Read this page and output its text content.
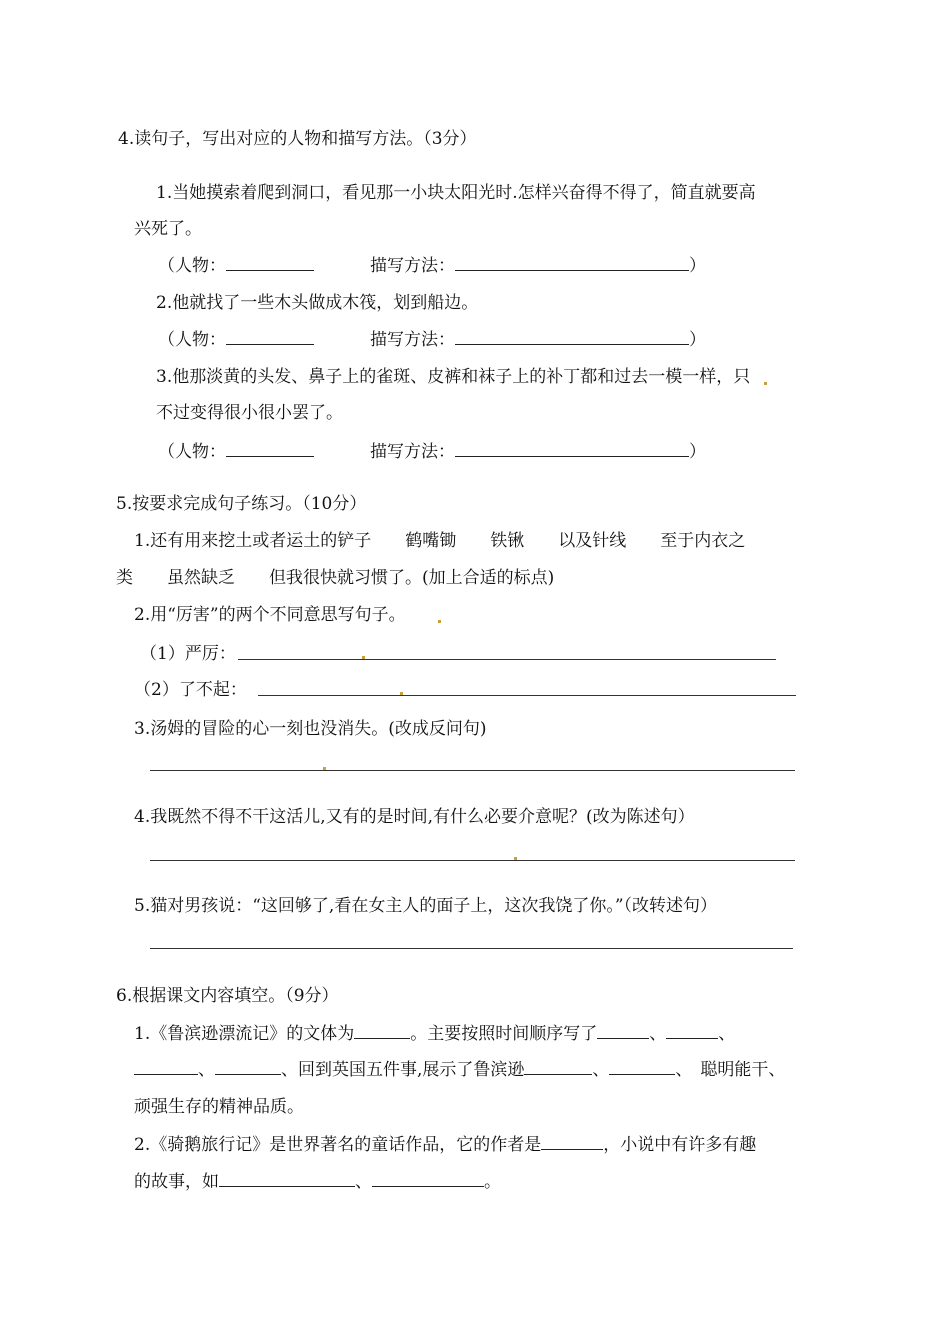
4.读句子，写出对应的人物和描写方法。（3分）
1.当她摸索着爬到洞口，看见那一小块太阳光时.怎样兴奋得不得了，简直就要高
兴死了。
（人物：	描写方法：	）
2.他就找了一些木头做成木筏，划到船边。
（人物：	描写方法：	）
3.他那淡黄的头发、鼻子上的雀斑、皮裤和袜子上的补丁都和过去一模一样，只
不过变得很小很小罢了。
（人物：	描写方法：	）
5.按要求完成句子练习。（10分）
1.还有用来挖土或者运土的铲子　　鹤嘴锄　　铁锹　　以及针线　　至于内衣之
类　　虽然缺乏　　但我很快就习惯了。(加上合适的标点)
2.用“厉害”的两个不同意思写句子。
（1）严厉：
（2）了不起：
3.汤姆的冒险的心一刻也没消失。(改成反问句)
4.我既然不得不干这活儿,又有的是时间,有什么必要介意呢？(改为陈述句）
5.猫对男孩说：“这回够了,看在女主人的面子上，这次我饶了你。”（改转述句）
6.根据课文内容填空。（9分）
1.《鲁滨逊漂流记》的文体为	。主要按照时间顺序写了	、	、
、	、回到英国五件事,展示了鲁滨逊	、	、 聪明能干、
顽强生存的精神品质。
2.《骑鹅旅行记》是世界著名的童话作品，它的作者是	，小说中有许多有趣
的故事，如	、	。
